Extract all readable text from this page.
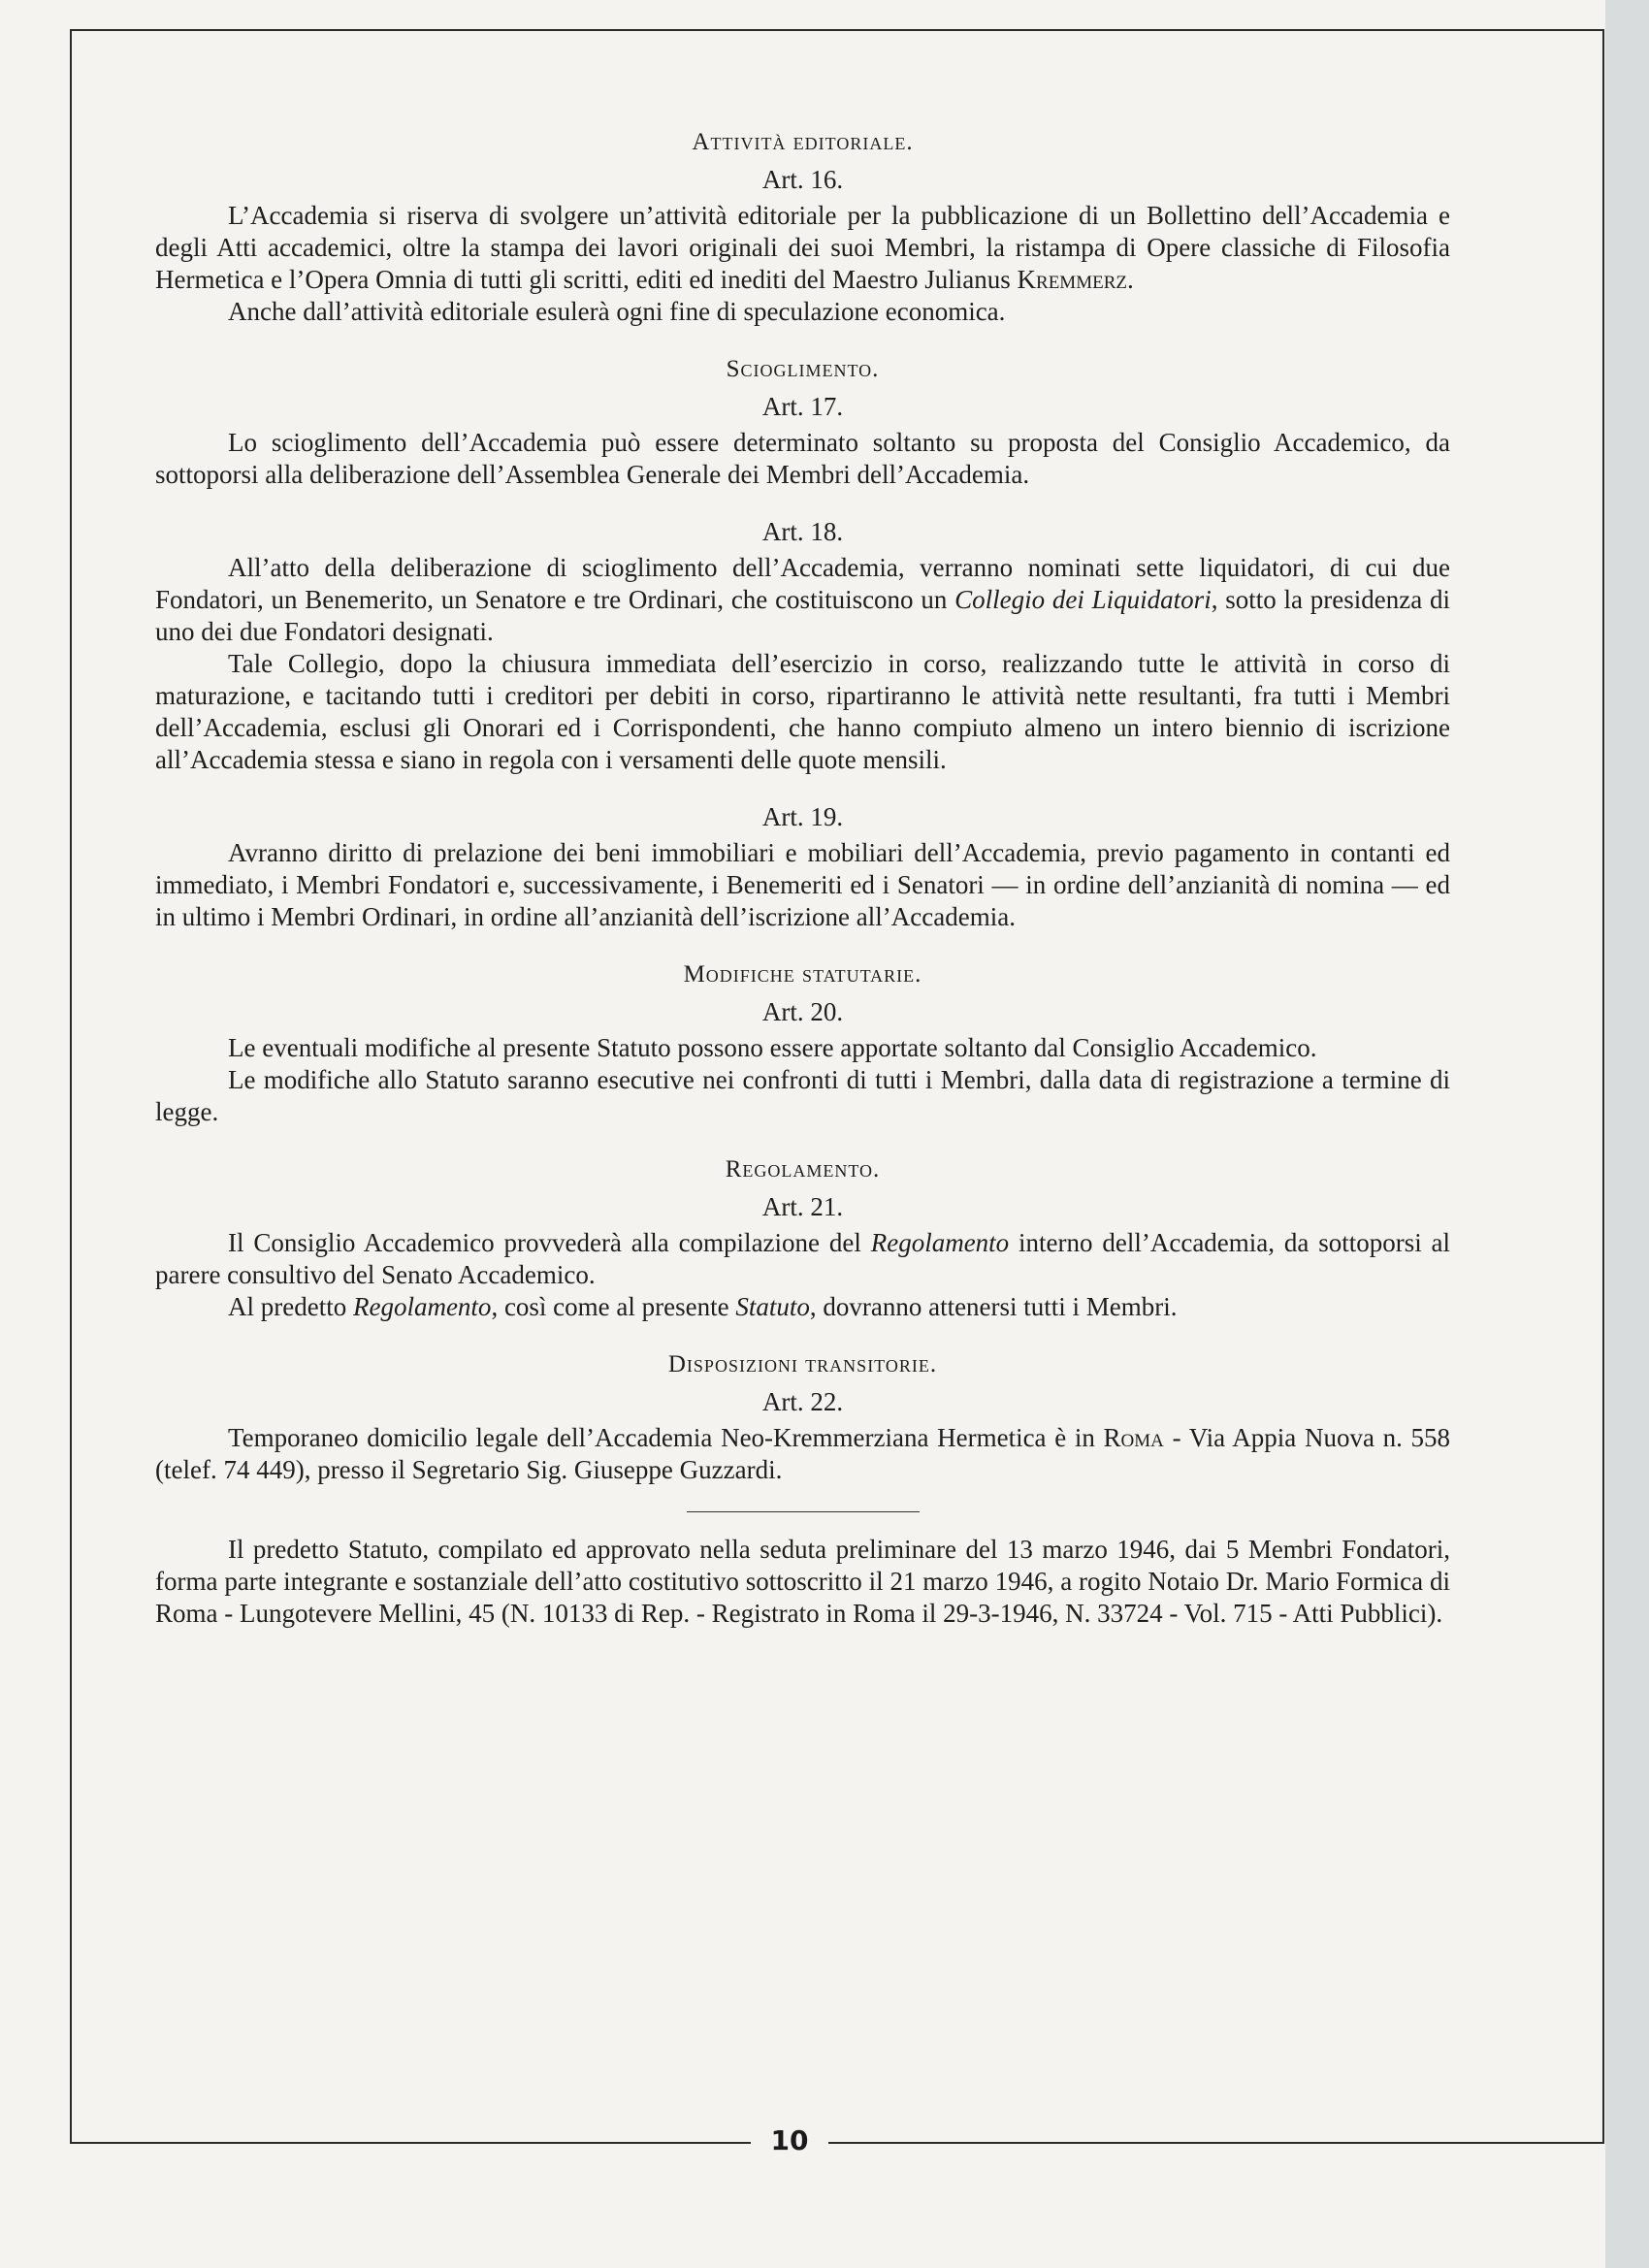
Attività editoriale.
Art. 16.

L’Accademia si riserva di svolgere un’attività editoriale per la pubblicazione di un Bollettino dell’Accademia e degli Atti accademici, oltre la stampa dei lavori originali dei suoi Membri, la ristampa di Opere classiche di Filosofia Hermetica e l’Opera Omnia di tutti gli scritti, editi ed inediti del Maestro Julianus Kremmerz.

Anche dall’attività editoriale esulerà ogni fine di speculazione economica.

Scioglimento.
Art. 17.

Lo scioglimento dell’Accademia può essere determinato soltanto su proposta del Consiglio Accademico, da sottoporsi alla deliberazione dell’Assemblea Generale dei Membri dell’Accademia.

Art. 18.

All’atto della deliberazione di scioglimento dell’Accademia, verranno nominati sette liquidatori, di cui due Fondatori, un Benemerito, un Senatore e tre Ordinari, che costituiscono un Collegio dei Liquidatori, sotto la presidenza di uno dei due Fondatori designati.

Tale Collegio, dopo la chiusura immediata dell’esercizio in corso, realizzando tutte le attività in corso di maturazione, e tacitando tutti i creditori per debiti in corso, ripartiranno le attività nette resultanti, fra tutti i Membri dell’Accademia, esclusi gli Onorari ed i Corrispondenti, che hanno compiuto almeno un intero biennio di iscrizione all’Accademia stessa e siano in regola con i versamenti delle quote mensili.

Art. 19.

Avranno diritto di prelazione dei beni immobiliari e mobiliari dell’Accademia, previo pagamento in contanti ed immediato, i Membri Fondatori e, successivamente, i Benemeriti ed i Senatori — in ordine dell’anzianità di nomina — ed in ultimo i Membri Ordinari, in ordine all’anzianità dell’iscrizione all’Accademia.

Modifiche statutarie.
Art. 20.

Le eventuali modifiche al presente Statuto possono essere apportate soltanto dal Consiglio Accademico.

Le modifiche allo Statuto saranno esecutive nei confronti di tutti i Membri, dalla data di registrazione a termine di legge.

Regolamento.
Art. 21.

Il Consiglio Accademico provvederà alla compilazione del Regolamento interno dell’Accademia, da sottoporsi al parere consultivo del Senato Accademico.

Al predetto Regolamento, così come al presente Statuto, dovranno attenersi tutti i Membri.

Disposizioni transitorie.
Art. 22.

Temporaneo domicilio legale dell’Accademia Neo-Kremmerziana Hermetica è in Roma - Via Appia Nuova n. 558 (telef. 74 449), presso il Segretario Sig. Giuseppe Guzzardi.

Il predetto Statuto, compilato ed approvato nella seduta preliminare del 13 marzo 1946, dai 5 Membri Fondatori, forma parte integrante e sostanziale dell’atto costitutivo sottoscritto il 21 marzo 1946, a rogito Notaio Dr. Mario Formica di Roma - Lungotevere Mellini, 45 (N. 10133 di Rep. - Registrato in Roma il 29-3-1946, N. 33724 - Vol. 715 - Atti Pubblici).

10
